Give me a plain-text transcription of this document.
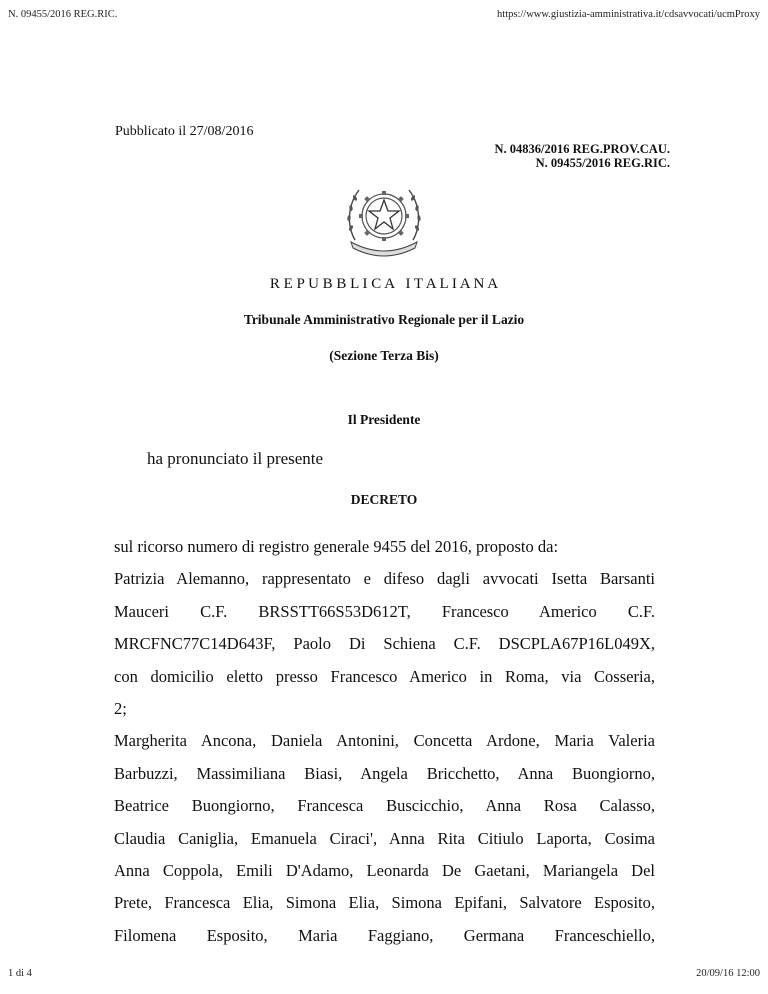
N. 09455/2016 REG.RIC.	https://www.giustizia-amministrativa.it/cdsavvocati/ucmProxy
Pubblicato il 27/08/2016
N. 04836/2016 REG.PROV.CAU.
N. 09455/2016 REG.RIC.
R E P U B B L I C A   I T A L I A N A
Tribunale Amministrativo Regionale per il Lazio
(Sezione Terza Bis)
Il Presidente
ha pronunciato il presente
DECRETO
sul ricorso numero di registro generale 9455 del 2016, proposto da:
Patrizia Alemanno, rappresentato e difeso dagli avvocati Isetta Barsanti
Mauceri C.F. BRSSTT66S53D612T, Francesco Americo C.F.
MRCFNC77C14D643F, Paolo Di Schiena C.F. DSCPLA67P16L049X,
con domicilio eletto presso Francesco Americo in Roma, via Cosseria,
2;
Margherita Ancona, Daniela Antonini, Concetta Ardone, Maria Valeria
Barbuzzi, Massimiliana Biasi, Angela Bricchetto, Anna Buongiorno,
Beatrice Buongiorno, Francesca Buscicchio, Anna Rosa Calasso,
Claudia Caniglia, Emanuela Ciraci', Anna Rita Citiulo Laporta, Cosima
Anna Coppola, Emili D'Adamo, Leonarda De Gaetani, Mariangela Del
Prete, Francesca Elia, Simona Elia, Simona Epifani, Salvatore Esposito,
Filomena Esposito, Maria Faggiano, Germana Franceschiello,
1 di 4	20/09/16 12:00
